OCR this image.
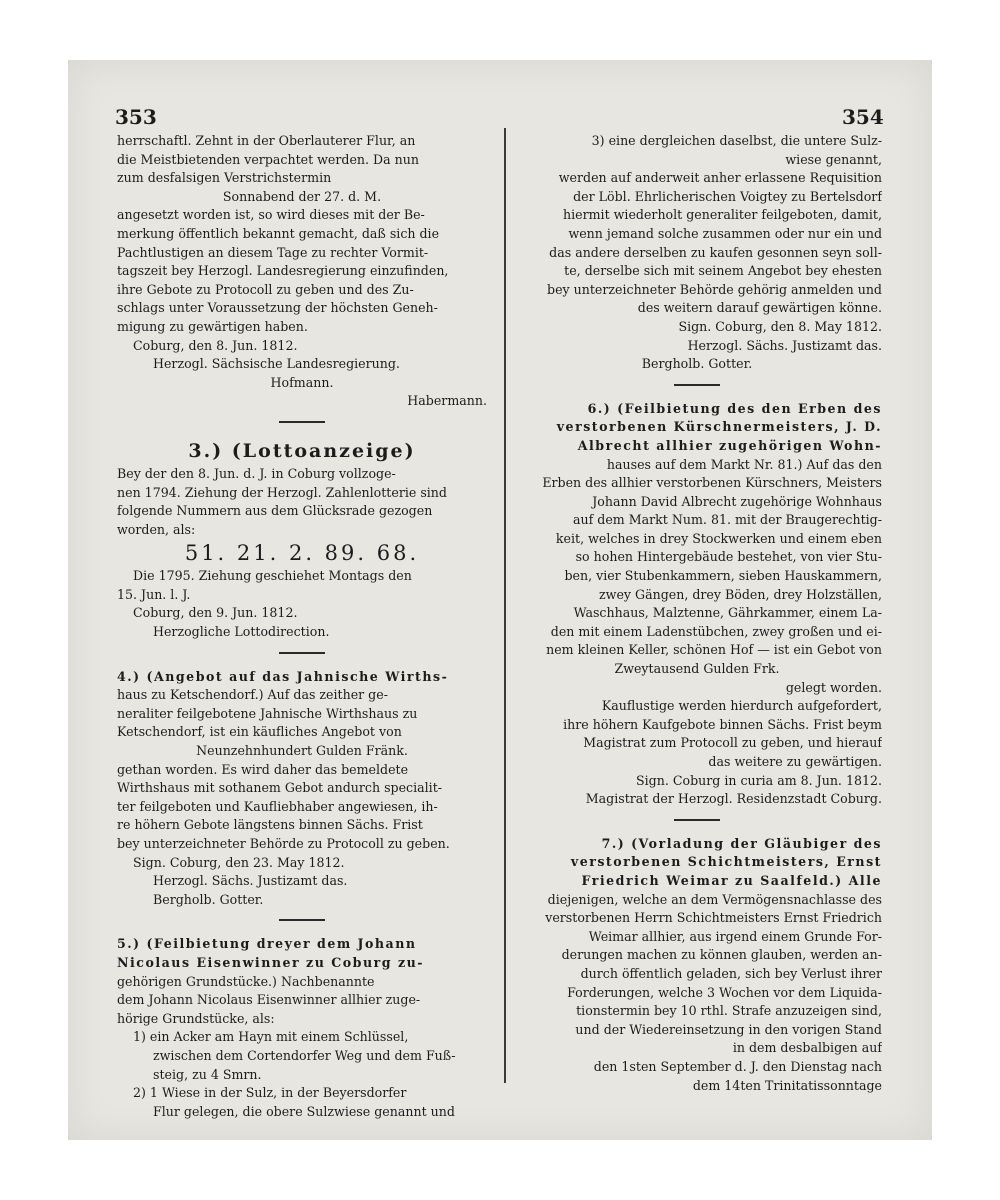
353	354
herrschaftl. Zehnt in der Oberlauterer Flur, an
die Meistbietenden verpachtet werden. Da nun
zum desfalsigen Verstrichstermin
Sonnabend der 27. d. M.
angesetzt worden ist, so wird dieses mit der Be-
merkung öffentlich bekannt gemacht, daß sich die
Pachtlustigen an diesem Tage zu rechter Vormit-
tagszeit bey Herzogl. Landesregierung einzufinden,
ihre Gebote zu Protocoll zu geben und des Zu-
schlags unter Voraussetzung der höchsten Geneh-
migung zu gewärtigen haben.
Coburg, den 8. Jun. 1812.
Herzogl. Sächsische Landesregierung.
Hofmann.
Habermann.
3.) (Lottoanzeige)
Bey der den 8. Jun. d. J. in Coburg vollzoge-
nen 1794. Ziehung der Herzogl. Zahlenlotterie sind
folgende Nummern aus dem Glücksrade gezogen
worden, als:
51. 21. 2. 89. 68.
Die 1795. Ziehung geschiehet Montags den
15. Jun. l. J.
Coburg, den 9. Jun. 1812.
Herzogliche Lottodirection.
4.) (Angebot auf das Jahnische Wirths-
haus zu Ketschendorf.) Auf das zeither ge-
neraliter feilgebotene Jahnische Wirthshaus zu
Ketschendorf, ist ein käufliches Angebot von
Neunzehnhundert Gulden Fränk.
gethan worden. Es wird daher das bemeldete
Wirthshaus mit sothanem Gebot andurch specialit-
ter feilgeboten und Kaufliebhaber angewiesen, ih-
re höhern Gebote längstens binnen Sächs. Frist
bey unterzeichneter Behörde zu Protocoll zu geben.
Sign. Coburg, den 23. May 1812.
Herzogl. Sächs. Justizamt das.
Bergholb. Gotter.
5.) (Feilbietung dreyer dem Johann
Nicolaus Eisenwinner zu Coburg zu-
gehörigen Grundstücke.) Nachbenannte
dem Johann Nicolaus Eisenwinner allhier zuge-
hörige Grundstücke, als:
1) ein Acker am Hayn mit einem Schlüssel,
zwischen dem Cortendorfer Weg und dem Fuß-
steig, zu 4 Smrn.
2) 1 Wiese in der Sulz, in der Beyersdorfer
Flur gelegen, die obere Sulzwiese genannt und
3) eine dergleichen daselbst, die untere Sulz-
wiese genannt,
werden auf anderweit anher erlassene Requisition
der Löbl. Ehrlicherischen Voigtey zu Bertelsdorf
hiermit wiederholt generaliter feilgeboten, damit,
wenn jemand solche zusammen oder nur ein und
das andere derselben zu kaufen gesonnen seyn soll-
te, derselbe sich mit seinem Angebot bey ehesten
bey unterzeichneter Behörde gehörig anmelden und
des weitern darauf gewärtigen könne.
Sign. Coburg, den 8. May 1812.
Herzogl. Sächs. Justizamt das.
Bergholb. Gotter.
6.) (Feilbietung des den Erben des
verstorbenen Kürschnermeisters, J. D.
Albrecht allhier zugehörigen Wohn-
hauses auf dem Markt Nr. 81.) Auf das den
Erben des allhier verstorbenen Kürschners, Meisters
Johann David Albrecht zugehörige Wohnhaus
auf dem Markt Num. 81. mit der Braugerechtig-
keit, welches in drey Stockwerken und einem eben
so hohen Hintergebäude bestehet, von vier Stu-
ben, vier Stubenkammern, sieben Hauskammern,
zwey Gängen, drey Böden, drey Holzställen,
Waschhaus, Malztenne, Gährkammer, einem La-
den mit einem Ladenstübchen, zwey großen und ei-
nem kleinen Keller, schönen Hof — ist ein Gebot von
Zweytausend Gulden Frk.
gelegt worden.
Kauflustige werden hierdurch aufgefordert,
ihre höhern Kaufgebote binnen Sächs. Frist beym
Magistrat zum Protocoll zu geben, und hierauf
das weitere zu gewärtigen.
Sign. Coburg in curia am 8. Jun. 1812.
Magistrat der Herzogl. Residenzstadt Coburg.
7.) (Vorladung der Gläubiger des
verstorbenen Schichtmeisters, Ernst
Friedrich Weimar zu Saalfeld.) Alle
diejenigen, welche an dem Vermögensnachlasse des
verstorbenen Herrn Schichtmeisters Ernst Friedrich
Weimar allhier, aus irgend einem Grunde For-
derungen machen zu können glauben, werden an-
durch öffentlich geladen, sich bey Verlust ihrer
Forderungen, welche 3 Wochen vor dem Liquida-
tionstermin bey 10 rthl. Strafe anzuzeigen sind,
und der Wiedereinsetzung in den vorigen Stand
in dem desbalbigen auf
den 1sten September d. J. den Dienstag nach
dem 14ten Trinitatissonntage
